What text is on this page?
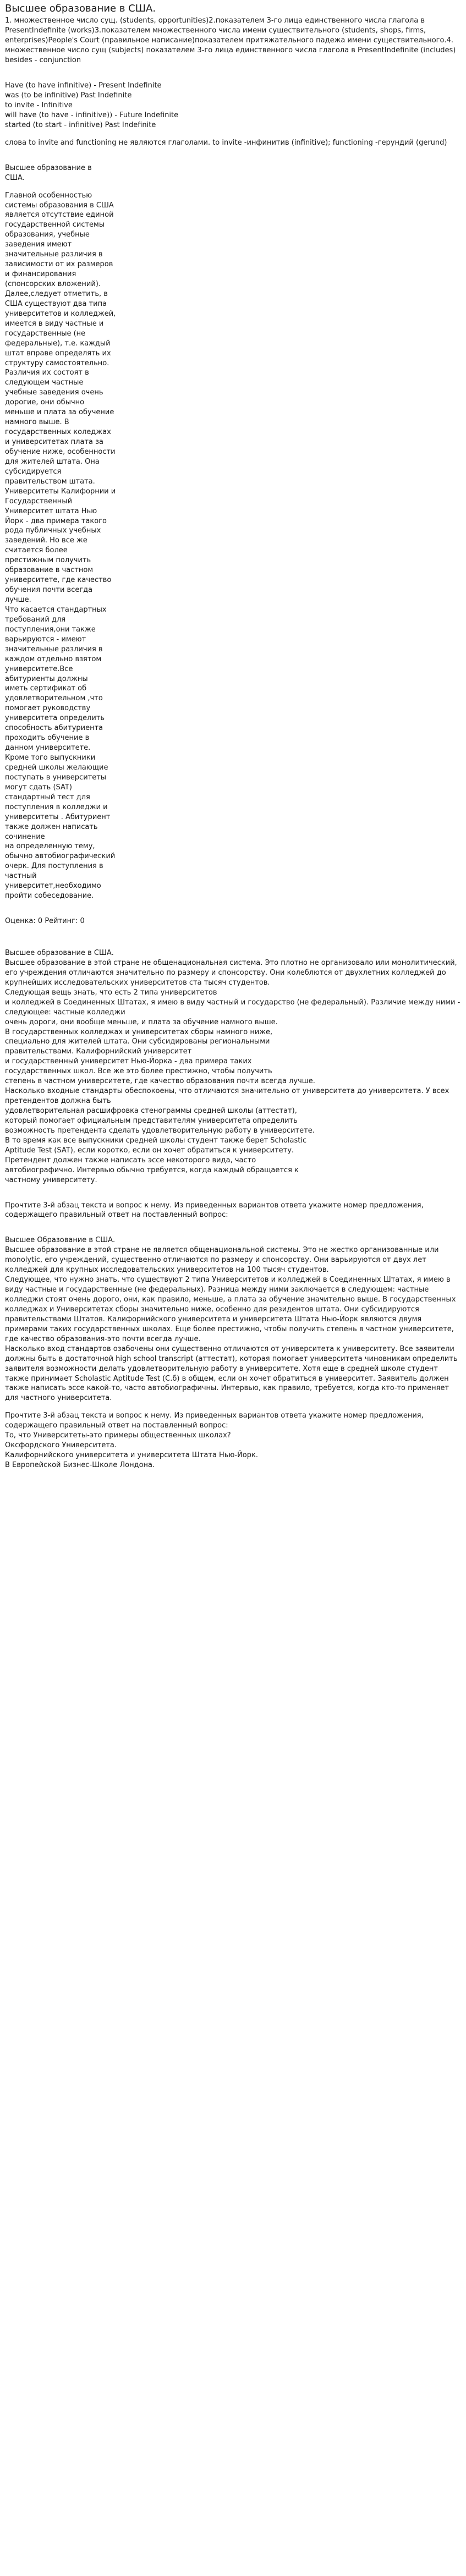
Высшее образование в США.

1. множественное число сущ. (students, opportunities)2.показателем 3-го лица единственного числа глагола в PresentIndefinite (works)3.показателем множественного числа имени существительного (students, shops, firms, enterprises)People's Court (правильное написание)показателем притяжательного падежа имени существительного.4. множественное число сущ (subjects) показателем 3-го лица единственного числа глагола в PresentIndefinite (includes) besides - conjunction

Have (to have infinitive) - Present Indefinite
was (to be infinitive) Past Indefinite
to invite - Infinitive
will have (to have - infinitive)) - Future Indefinite
started (to start - infinitive) Past Indefinite

слова to invite and functioning не являются глаголами. to invite -инфинитив (infinitive); functioning -герундий (gerund)

Высшее образование в
США.

Главной особенностью
системы образования в США
является отсутствие единой
государственной системы
образования, учебные
заведения имеют
значительные различия в
зависимости от их размеров
и финансирования
(спонсорских вложений).
Далее,следует отметить, в
США существуют два типа
университетов и колледжей,
имеется в виду частные и
государственные (не
федеральные), т.е. каждый
штат вправе определять их
структуру самостоятельно.
Различия их состоят в
следующем частные
учебные заведения очень
дорогие, они обычно
меньше и плата за обучение
намного выше. В
государственных коледжах
и университетах плата за
обучение ниже, особенности
для жителей штата. Она
субсидируется
правительством штата.
Университеты Калифорнии и
Государственный
Университет штата Нью
Йорк - два примера такого
рода публичных учебных
заведений. Но все же
считается более
престижным получить
образование в частном
университете, где качество
обучения почти всегда
лучше.
Что касается стандартных
требований для
поступления,они также
варьируются - имеют
значительные различия в
каждом отдельно взятом
университете.Все
абитуриенты должны
иметь сертификат об
удовлетворительном ,что
помогает руководству
университета определить
способность абитуриента
проходить обучение в
данном университете.
Кроме того выпускники
средней школы желающие
поступать в университеты
могут сдать (SAT)
стандартный тест для
поступления в колледжи и
университеты . Абитуриент
также должен написать
сочинение
на определенную тему,
обычно автобиографический
очерк. Для поступления в
частный
университет,необходимо
пройти собеседование.

Оценка: 0 Рейтинг: 0

Высшее образование в США.

Высшее образование в этой стране не общенациональная система. Это плотно не организовало или монолитический, его учреждения отличаются значительно по размеру и спонсорству. Они колеблются от двухлетних колледжей до крупнейших исследовательских университетов ста тысяч студентов.
Следующая вещь знать, что есть 2 типа университетов
и колледжей в Соединенных Штатах, я имею в виду частный и государство (не федеральный). Различие между ними - следующее: частные колледжи
очень дороги, они вообще меньше, и плата за обучение намного выше.
В государственных колледжах и университетах сборы намного ниже,
специально для жителей штата. Они субсидированы региональными
правительствами. Калифорнийский университет
и государственный университет Нью-Йорка - два примера таких
государственных школ. Все же это более престижно, чтобы получить
степень в частном университете, где качество образования почти всегда лучше.
Насколько входные стандарты обеспокоены, что отличаются значительно от университета до университета. У всех претендентов должна быть
удовлетворительная расшифровка стенограммы средней школы (аттестат),
который помогает официальным представителям университета определить
возможность претендента сделать удовлетворительную работу в университете.
В то время как все выпускники средней школы студент также берет Scholastic
Aptitude Test (SAT), если коротко, если он хочет обратиться к университету.
Претендент должен также написать эссе некоторого вида, часто
автобиографично. Интервью обычно требуется, когда каждый обращается к
частному университету.

Прочтите 3-й абзац текста и вопрос к нему. Из приведенных вариантов ответа укажите номер предложения, содержащего правильный ответ на поставленный вопрос:

Высшее Образование в США.

Высшее образование в этой стране не является общенациональной системы. Это не жестко организованные или monolytic, его учреждений, существенно отличаются по размеру и спонсорству. Они варьируются от двух лет колледжей для крупных исследовательских университетов на 100 тысяч студентов.
Следующее, что нужно знать, что существуют 2 типа Университетов и колледжей в Соединенных Штатах, я имею в виду частные и государственные (не федеральных). Разница между ними заключается в следующем: частные колледжи стоят очень дорого, они, как правило, меньше, а плата за обучение значительно выше. В государственных колледжах и Университетах сборы значительно ниже, особенно для резидентов штата. Они субсидируются правительствами Штатов. Калифорнийского университета и университета Штата Нью-Йорк являются двумя примерами таких государственных школах. Еще более престижно, чтобы получить степень в частном университете, где качество образования-это почти всегда лучше.
Насколько вход стандартов озабочены они существенно отличаются от университета к университету. Все заявители должны быть в достаточной high school transcript (аттестат), которая помогает университета чиновникам определить заявителя возможности делать удовлетворительную работу в университете. Хотя еще в средней школе студент также принимает Scholastic Aptitude Test (С.б) в общем, если он хочет обратиться в университет. Заявитель должен также написать эссе какой-то, часто автобиографичны. Интервью, как правило, требуется, когда кто-то применяет для частного университета.

Прочтите 3-й абзац текста и вопрос к нему. Из приведенных вариантов ответа укажите номер предложения, содержащего правильный ответ на поставленный вопрос:

То, что Университеты-это примеры общественных школах?

Оксфордского Университета.

Калифорнийского университета и университета Штата Нью-Йорк.

В Европейской Бизнес-Школе Лондона.
